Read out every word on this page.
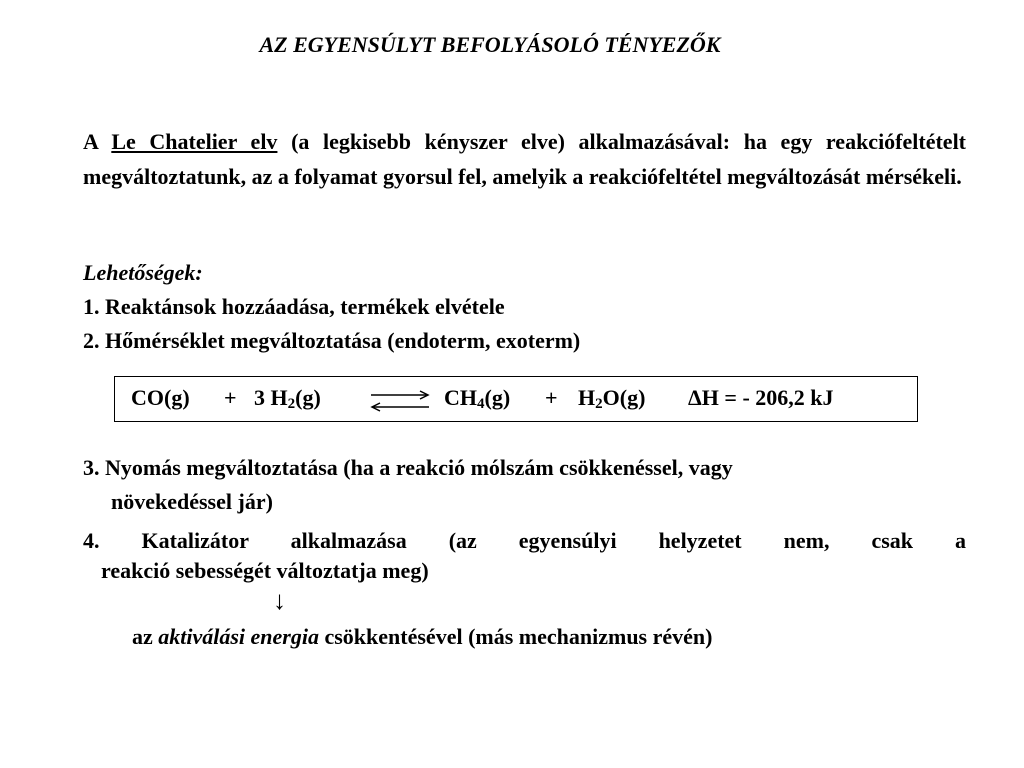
AZ EGYENSÚLYT BEFOLYÁSOLÓ TÉNYEZŐK
A Le Chatelier elv (a legkisebb kényszer elve) alkalmazásával: ha egy reakciófeltételt megváltoztatunk, az a folyamat gyorsul fel, amelyik a reakciófeltétel megváltozását mérsékeli.
Lehetőségek:
1. Reaktánsok hozzáadása, termékek elvétele
2. Hőmérséklet megváltoztatása (endoterm, exoterm)
CO(g) + 3 $H_2(g)$	$CH_4(g) + H_2O(g) \Delta H$ = - 206,2 kJ
3. Nyomás megváltoztatása (ha a reakció mólszám csökkenéssel, vagy
növekedéssel jár)
4. Katalizátor alkalmazása (az egyensúlyi helyzetet nem, csak a
reakció sebességét változtatja meg)
↓
az aktiválási energia csökkentésével (más mechanizmus révén)
